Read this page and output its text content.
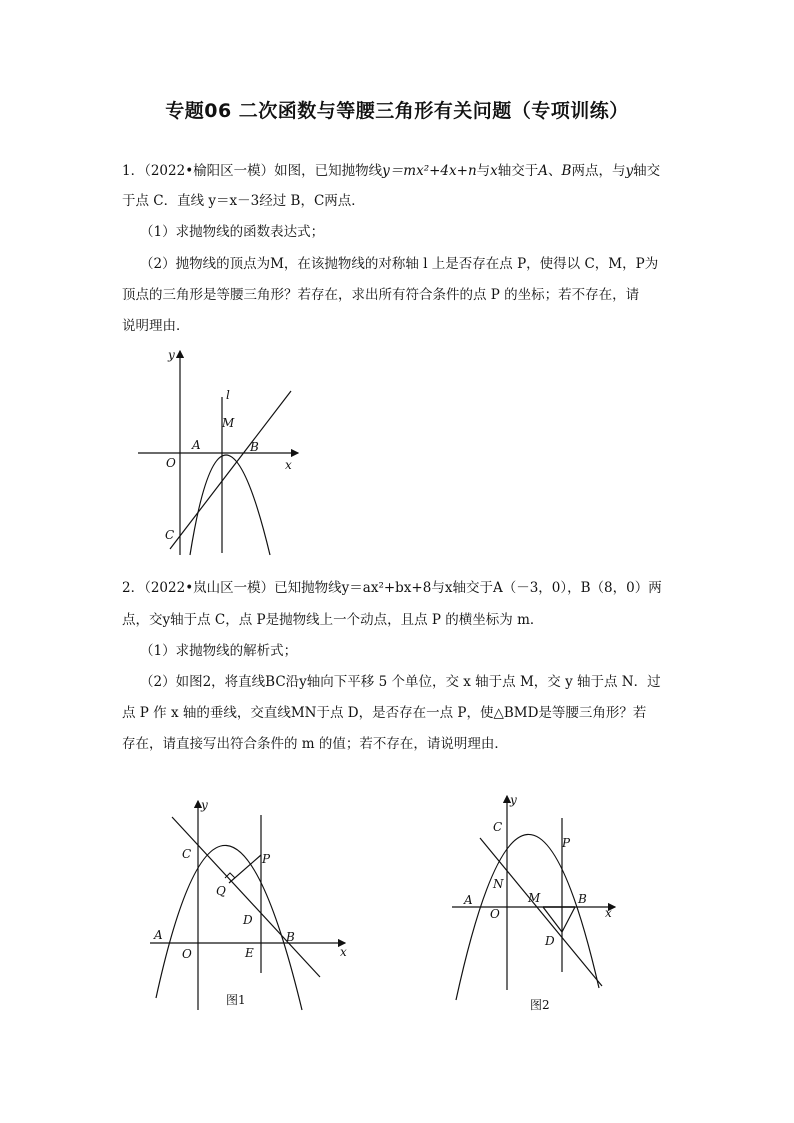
专题06 二次函数与等腰三角形有关问题（专项训练）
1．（2022•榆阳区一模）如图，已知抛物线y＝mx²+4x+n与x轴交于A、B两点，与y轴交
于点 C．直线 y＝x－3经过 B，C两点．
（1）求抛物线的函数表达式；
（2）抛物线的顶点为M，在该抛物线的对称轴 l 上是否存在点 P，使得以 C，M，P为
顶点的三角形是等腰三角形？若存在，求出所有符合条件的点 P 的坐标；若不存在，请
说明理由．
y
x
O
A	B
C
M
l
2．（2022•岚山区一模）已知抛物线y＝ax²+bx+8与x轴交于A（－3，0），B（8，0）两
点，交y轴于点 C，点 P是抛物线上一个动点，且点 P 的横坐标为 m．
（1）求抛物线的解析式；
（2）如图2，将直线BC沿y轴向下平移 5 个单位，交 x 轴于点 M，交 y 轴于点 N．过
点 P 作 x 轴的垂线，交直线MN于点 D，是否存在一点 P，使△BMD是等腰三角形？若
存在，请直接写出符合条件的 m 的值；若不存在，请说明理由．
y
x
O
A	B
C	P
Q
D
E
图1
y
x
O
A	B
C
P
N
M
D
图2
